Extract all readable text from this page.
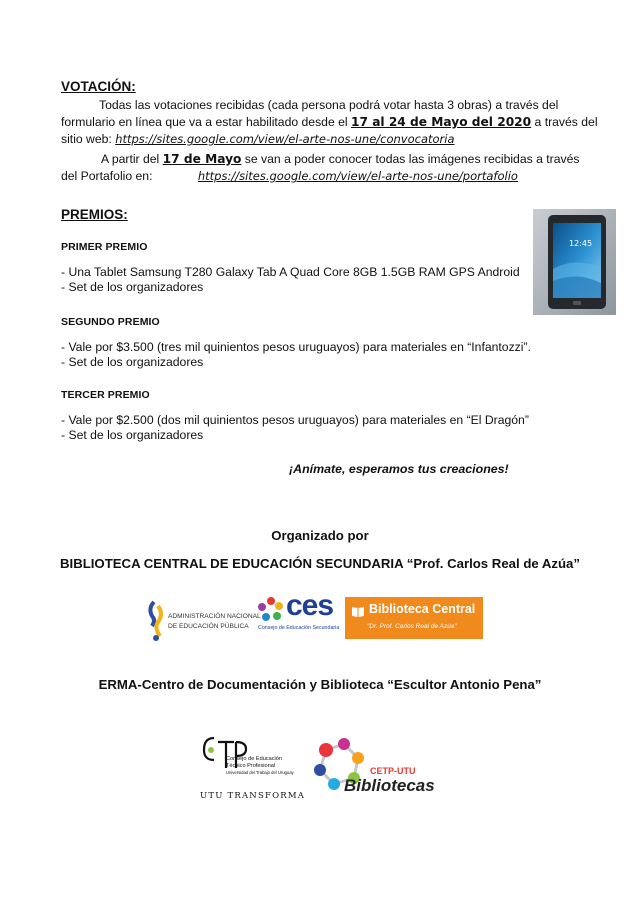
VOTACIÓN:
Todas las votaciones recibidas (cada persona podrá votar hasta 3 obras) a través del
formulario en línea que va a estar habilitado desde el 17 al 24 de Mayo del 2020 a través del
sitio web: https://sites.google.com/view/el-arte-nos-une/convocatoria
A partir del 17 de Mayo se van a poder conocer todas las imágenes recibidas a través
del Portafolio en:	https://sites.google.com/view/el-arte-nos-une/portafolio
PREMIOS:
PRIMER PREMIO
- Una Tablet Samsung T280 Galaxy Tab A Quad Core 8GB 1.5GB RAM GPS Android
- Set de los organizadores
SEGUNDO PREMIO
- Vale por $3.500 (tres mil quinientos pesos uruguayos) para materiales en “Infantozzi”.
- Set de los organizadores
TERCER PREMIO
- Vale por $2.500 (dos mil quinientos pesos uruguayos) para materiales en “El Dragón”
- Set de los organizadores
12:45
¡Anímate, esperamos tus creaciones!
Organizado por
BIBLIOTECA CENTRAL DE EDUCACIÓN SECUNDARIA “Prof. Carlos Real de Azúa”
ADMINISTRACIÓN NACIONAL
DE EDUCACIÓN PÚBLICA
ces
Consejo de Educación Secundaria
Biblioteca Central
"Dr. Prof. Carlos Real de Azúa"
ERMA-Centro de Documentación y Biblioteca “Escultor Antonio Pena”
Consejo de Educación
Técnico Profesional
Universidad del Trabajo del Uruguay
UTU TRANSFORMA
CETP-UTU
Bibliotecas
